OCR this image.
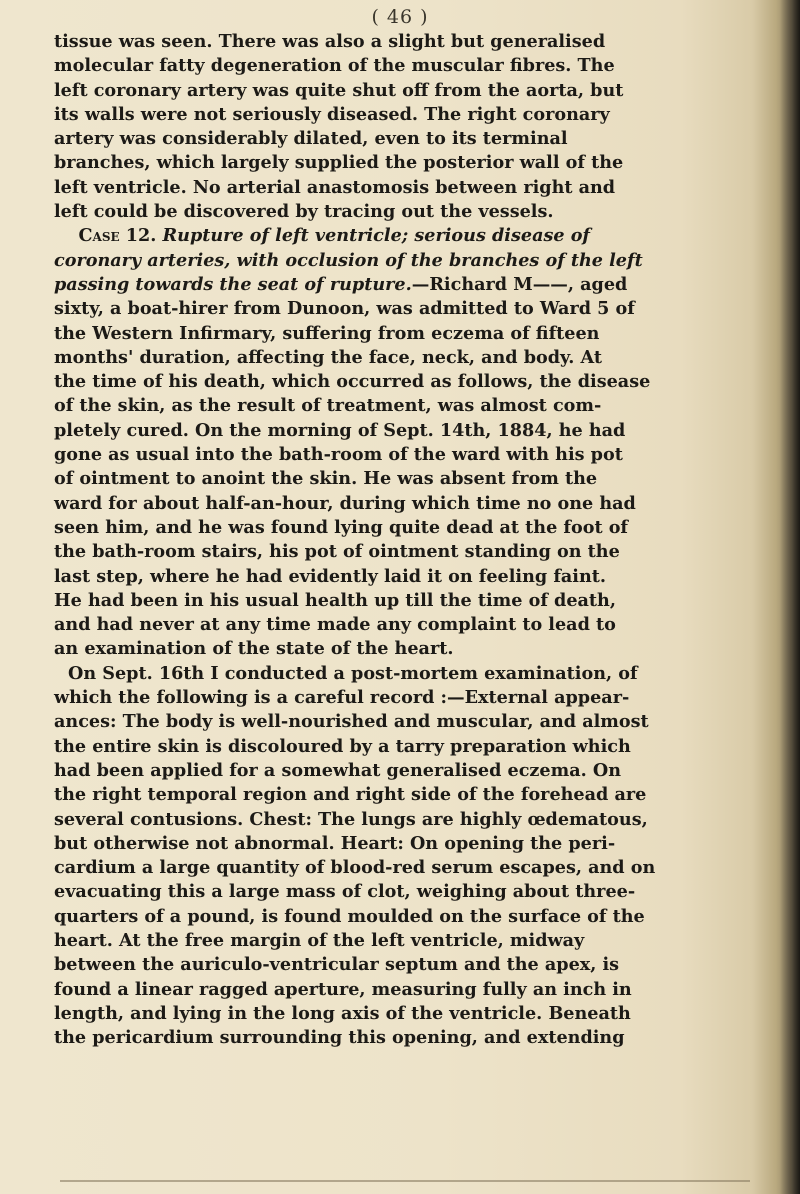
( 46 )
tissue was seen. There was also a slight but generalised
molecular fatty degeneration of the muscular fibres. The
left coronary artery was quite shut off from the aorta, but
its walls were not seriously diseased. The right coronary
artery was considerably dilated, even to its terminal
branches, which largely supplied the posterior wall of the
left ventricle. No arterial anastomosis between right and
left could be discovered by tracing out the vessels.
Case 12. Rupture of left ventricle; serious disease of
coronary arteries, with occlusion of the branches of the left
passing towards the seat of rupture.—Richard M——, aged
sixty, a boat-hirer from Dunoon, was admitted to Ward 5 of
the Western Infirmary, suffering from eczema of fifteen
months' duration, affecting the face, neck, and body. At
the time of his death, which occurred as follows, the disease
of the skin, as the result of treatment, was almost com-
pletely cured. On the morning of Sept. 14th, 1884, he had
gone as usual into the bath-room of the ward with his pot
of ointment to anoint the skin. He was absent from the
ward for about half-an-hour, during which time no one had
seen him, and he was found lying quite dead at the foot of
the bath-room stairs, his pot of ointment standing on the
last step, where he had evidently laid it on feeling faint.
He had been in his usual health up till the time of death,
and had never at any time made any complaint to lead to
an examination of the state of the heart.
On Sept. 16th I conducted a post-mortem examination, of
which the following is a careful record :—External appear-
ances: The body is well-nourished and muscular, and almost
the entire skin is discoloured by a tarry preparation which
had been applied for a somewhat generalised eczema. On
the right temporal region and right side of the forehead are
several contusions. Chest: The lungs are highly œdematous,
but otherwise not abnormal. Heart: On opening the peri-
cardium a large quantity of blood-red serum escapes, and on
evacuating this a large mass of clot, weighing about three-
quarters of a pound, is found moulded on the surface of the
heart. At the free margin of the left ventricle, midway
between the auriculo-ventricular septum and the apex, is
found a linear ragged aperture, measuring fully an inch in
length, and lying in the long axis of the ventricle. Beneath
the pericardium surrounding this opening, and extending
